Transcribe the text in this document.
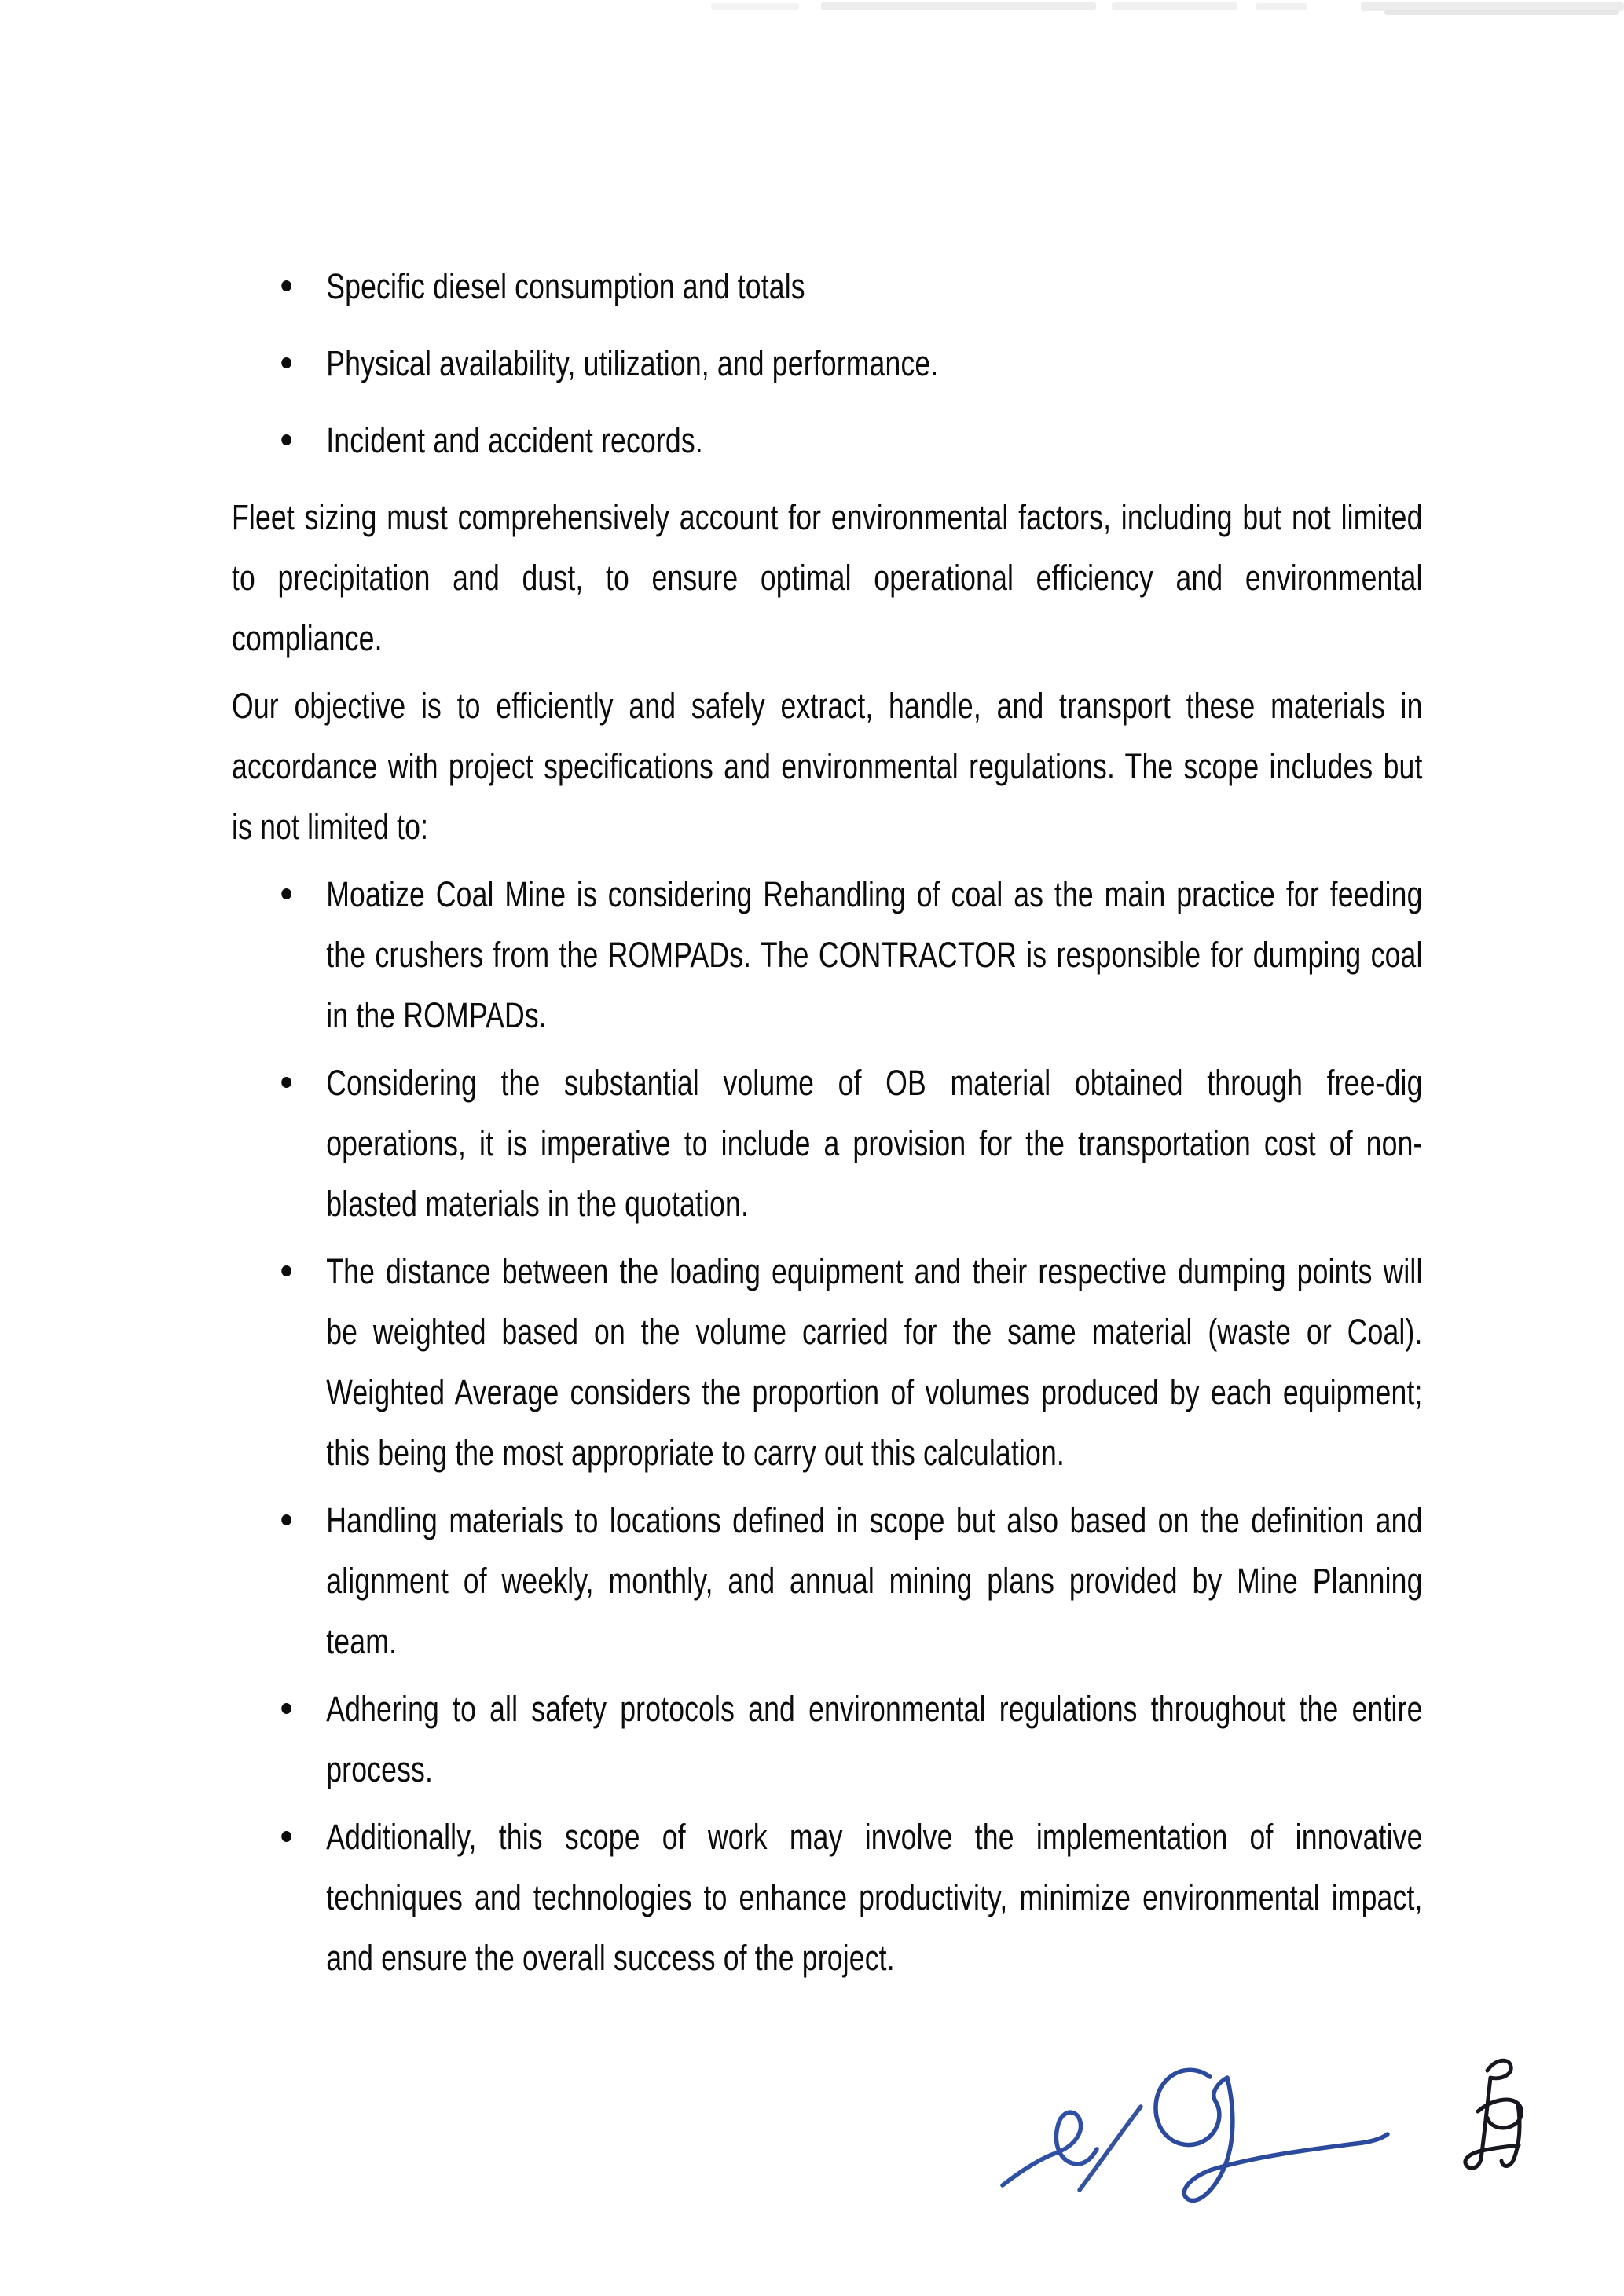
Specific diesel consumption and totals
Physical availability, utilization, and performance.
Incident and accident records.

Fleet sizing must comprehensively account for environmental factors, including but not limited to precipitation and dust, to ensure optimal operational efficiency and environmental compliance.

Our objective is to efficiently and safely extract, handle, and transport these materials in accordance with project specifications and environmental regulations. The scope includes but is not limited to:

Moatize Coal Mine is considering Rehandling of coal as the main practice for feeding the crushers from the ROMPADs. The CONTRACTOR is responsible for dumping coal in the ROMPADs.
Considering the substantial volume of OB material obtained through free-dig operations, it is imperative to include a provision for the transportation cost of non-blasted materials in the quotation.
The distance between the loading equipment and their respective dumping points will be weighted based on the volume carried for the same material (waste or Coal). Weighted Average considers the proportion of volumes produced by each equipment; this being the most appropriate to carry out this calculation.
Handling materials to locations defined in scope but also based on the definition and alignment of weekly, monthly, and annual mining plans provided by Mine Planning team.
Adhering to all safety protocols and environmental regulations throughout the entire process.
Additionally, this scope of work may involve the implementation of innovative techniques and technologies to enhance productivity, minimize environmental impact, and ensure the overall success of the project.
